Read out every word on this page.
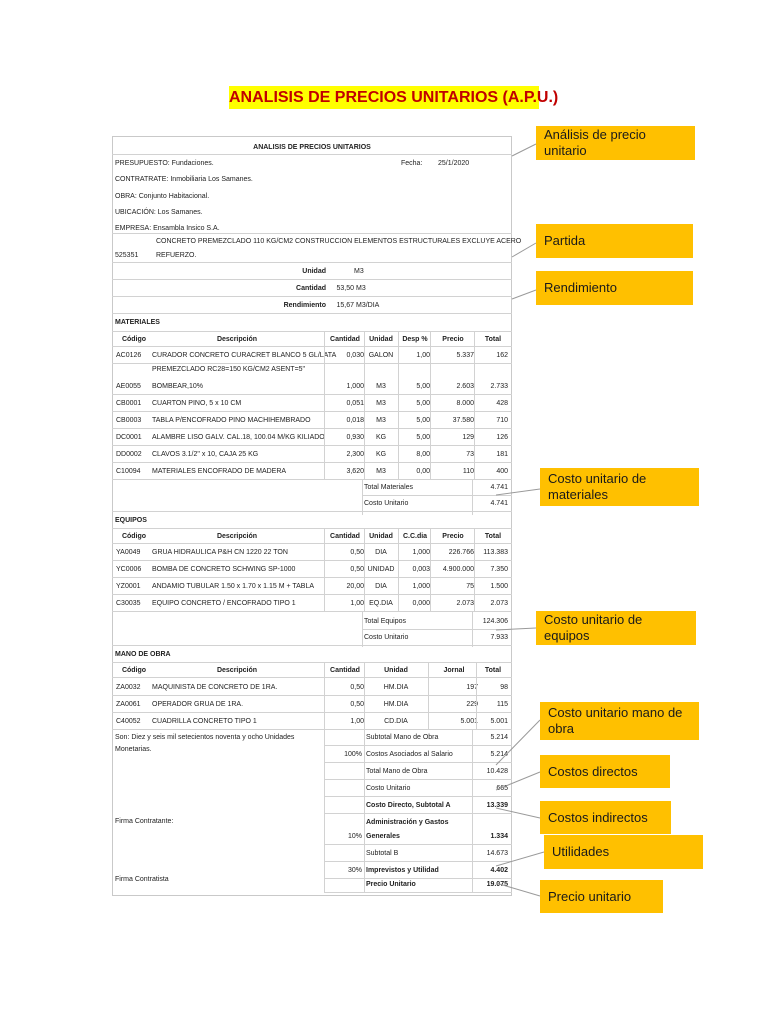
ANALISIS DE PRECIOS UNITARIOS (A.P.U.)
ANALISIS DE PRECIOS UNITARIOS
PRESUPUESTO: Fundaciones.	Fecha: 25/1/2020
CONTRATRATE: Inmobiliaria Los Samanes.
OBRA: Conjunto Habitacional.
UBICACIÓN: Los Samanes.
EMPRESA: Ensambla Insico S.A.
CONCRETO PREMEZCLADO 110 KG/CM2 CONSTRUCCION ELEMENTOS ESTRUCTURALES EXCLUYE ACERO
525351	REFUERZO.
Unidad	M3
Cantidad	53,50 M3
Rendimiento	15,67 M3/DIA
MATERIALES
Código	Descripción	Cantidad	Unidad	Desp %	Precio	Total
AC0126 CURADOR CONCRETO CURACRET BLANCO 5 GL/LATA	0,030 GALON	1,00	5.337	162
PREMEZCLADO RC28=150 KG/CM2 ASENT=5"
AE0055 BOMBEAR,10%	1,000	M3	5,00	2.603	2.733
CB0001 CUARTON PINO, 5 x 10 CM	0,051	M3	5,00	8.000	428
CB0003 TABLA P/ENCOFRADO PINO MACHIHEMBRADO	0,018	M3	5,00	37.580	710
DC0001 ALAMBRE LISO GALV. CAL.18, 100.04 M/KG KILIADO	0,930	KG	5,00	129	126
DD0002 CLAVOS 3.1/2" x 10, CAJA 25 KG	2,300	KG	8,00	73	181
C10094 MATERIALES ENCOFRADO DE MADERA	3,620	M3	0,00	110	400
Total Materiales	4.741
Costo Unitario	4.741
EQUIPOS
Código	Descripción	Cantidad	Unidad	C.C.dia	Precio	Total
YA0049 GRUA HIDRAULICA P&H CN 1220 22 TON	0,50	DIA	1,000	226.766	113.383
YC0006 BOMBA DE CONCRETO SCHWING SP-1000	0,50 UNIDAD	0,003	4.900.000	7.350
YZ0001 ANDAMIO TUBULAR 1.50 x 1.70 x 1.15 M + TABLA	20,00	DIA	1,000	75	1.500
C30035 EQUIPO CONCRETO / ENCOFRADO TIPO 1	1,00 EQ.DIA	0,000	2.073	2.073
Total Equipos	124.306
Costo Unitario	7.933
MANO DE OBRA
Código	Descripción	Cantidad	Unidad	Jornal	Total
ZA0032 MAQUINISTA DE CONCRETO DE 1RA.	0,50	HM.DIA	197	98
ZA0061 OPERADOR GRUA DE 1RA.	0,50	HM.DIA	229	115
C40052 CUADRILLA CONCRETO TIPO 1	1,00	CD.DIA	5.001	5.001
Son: Diez y seis mil setecientos noventa y ocho Unidades
Monetarias.
Firma Contratante:
Firma Contratista
Subtotal Mano de Obra	5.214
100% Costos Asociados al Salario	5.214
Total Mano de Obra	10.428
Costo Unitario	665
Costo Directo, Subtotal A	13.339
Administración y Gastos
10% Generales	1.334
Subtotal B	14.673
30% Imprevistos y Utilidad	4.402
Precio Unitario	19.075
Análisis de precio unitario
Partida
Rendimiento
Costo unitario de materiales
Costo unitario de equipos
Costo unitario mano de obra
Costos directos
Costos indirectos
Utilidades
Precio unitario
